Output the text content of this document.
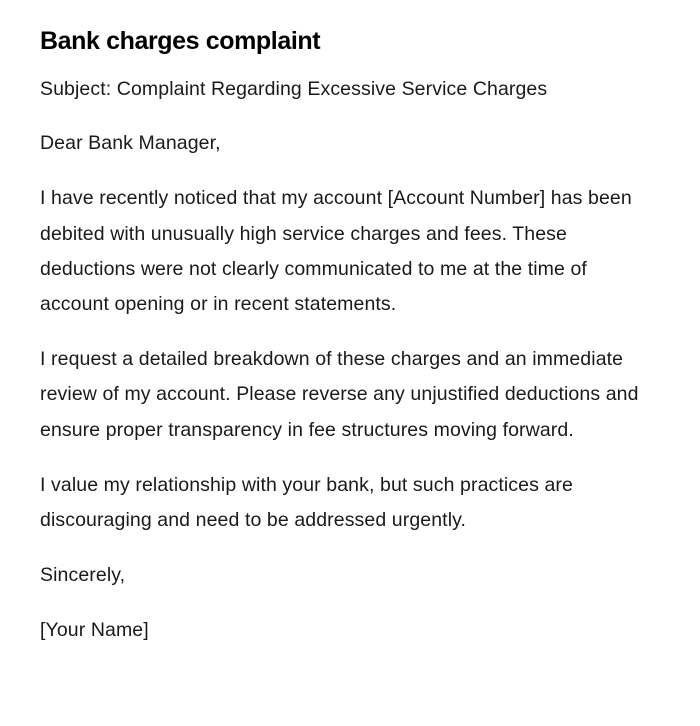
Bank charges complaint

Subject: Complaint Regarding Excessive Service Charges

Dear Bank Manager,

I have recently noticed that my account [Account Number] has been debited with unusually high service charges and fees. These deductions were not clearly communicated to me at the time of account opening or in recent statements.

I request a detailed breakdown of these charges and an immediate review of my account. Please reverse any unjustified deductions and ensure proper transparency in fee structures moving forward.

I value my relationship with your bank, but such practices are discouraging and need to be addressed urgently.

Sincerely,

[Your Name]
